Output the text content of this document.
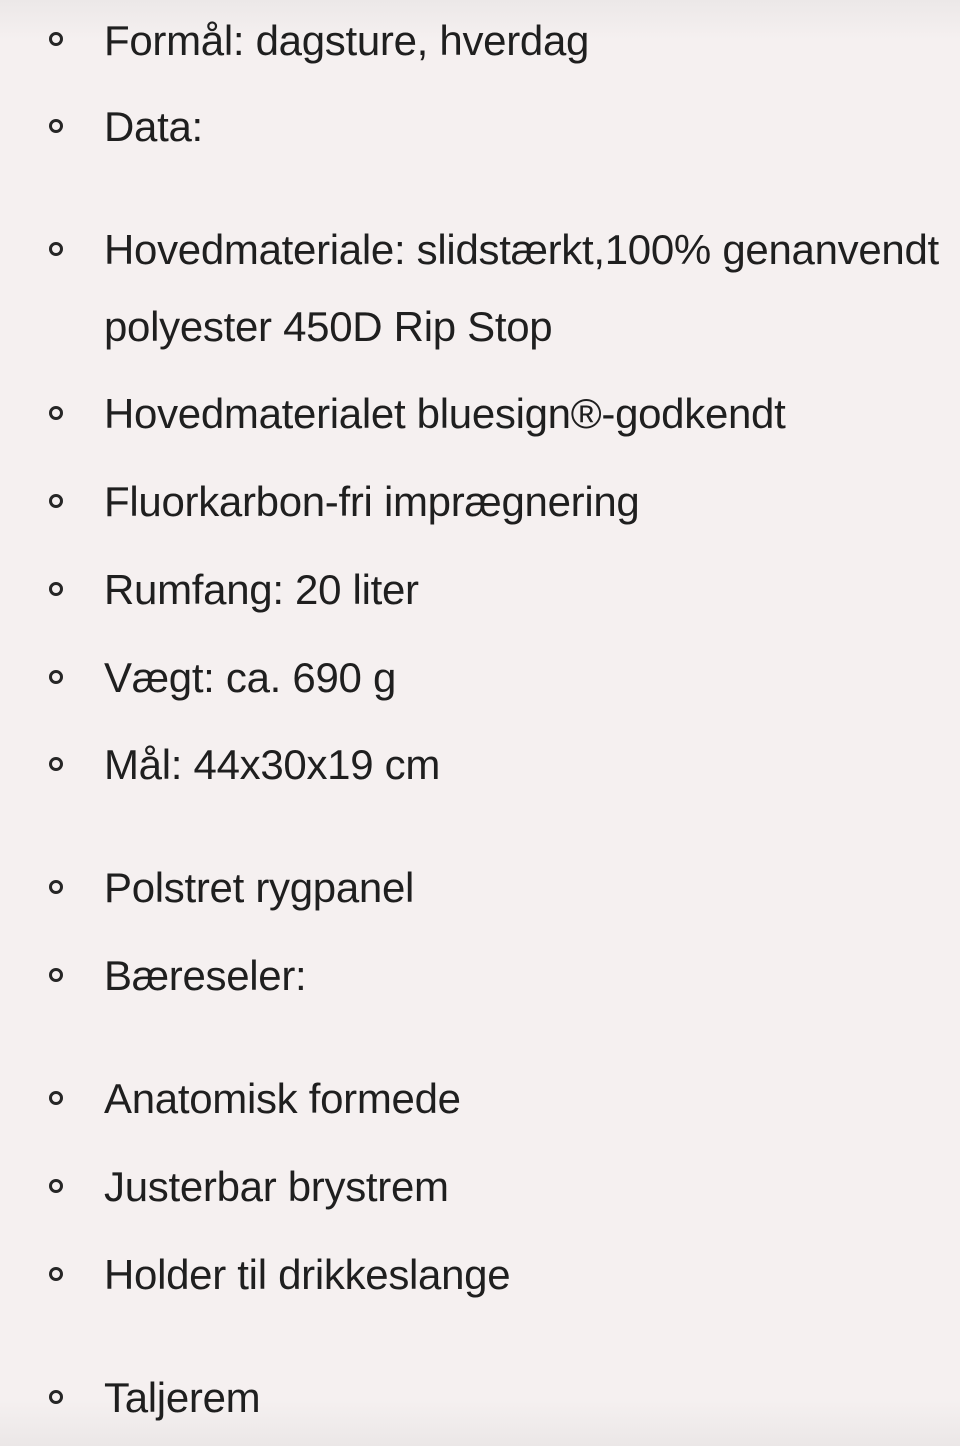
Formål: dagsture, hverdag
Data:
Hovedmateriale: slidstærkt,100% genanvendt polyester 450D Rip Stop
Hovedmaterialet bluesign®-godkendt
Fluorkarbon-fri imprægnering
Rumfang: 20 liter
Vægt: ca. 690 g
Mål: 44x30x19 cm
Polstret rygpanel
Bæreseler:
Anatomisk formede
Justerbar brystrem
Holder til drikkeslange
Taljerem
